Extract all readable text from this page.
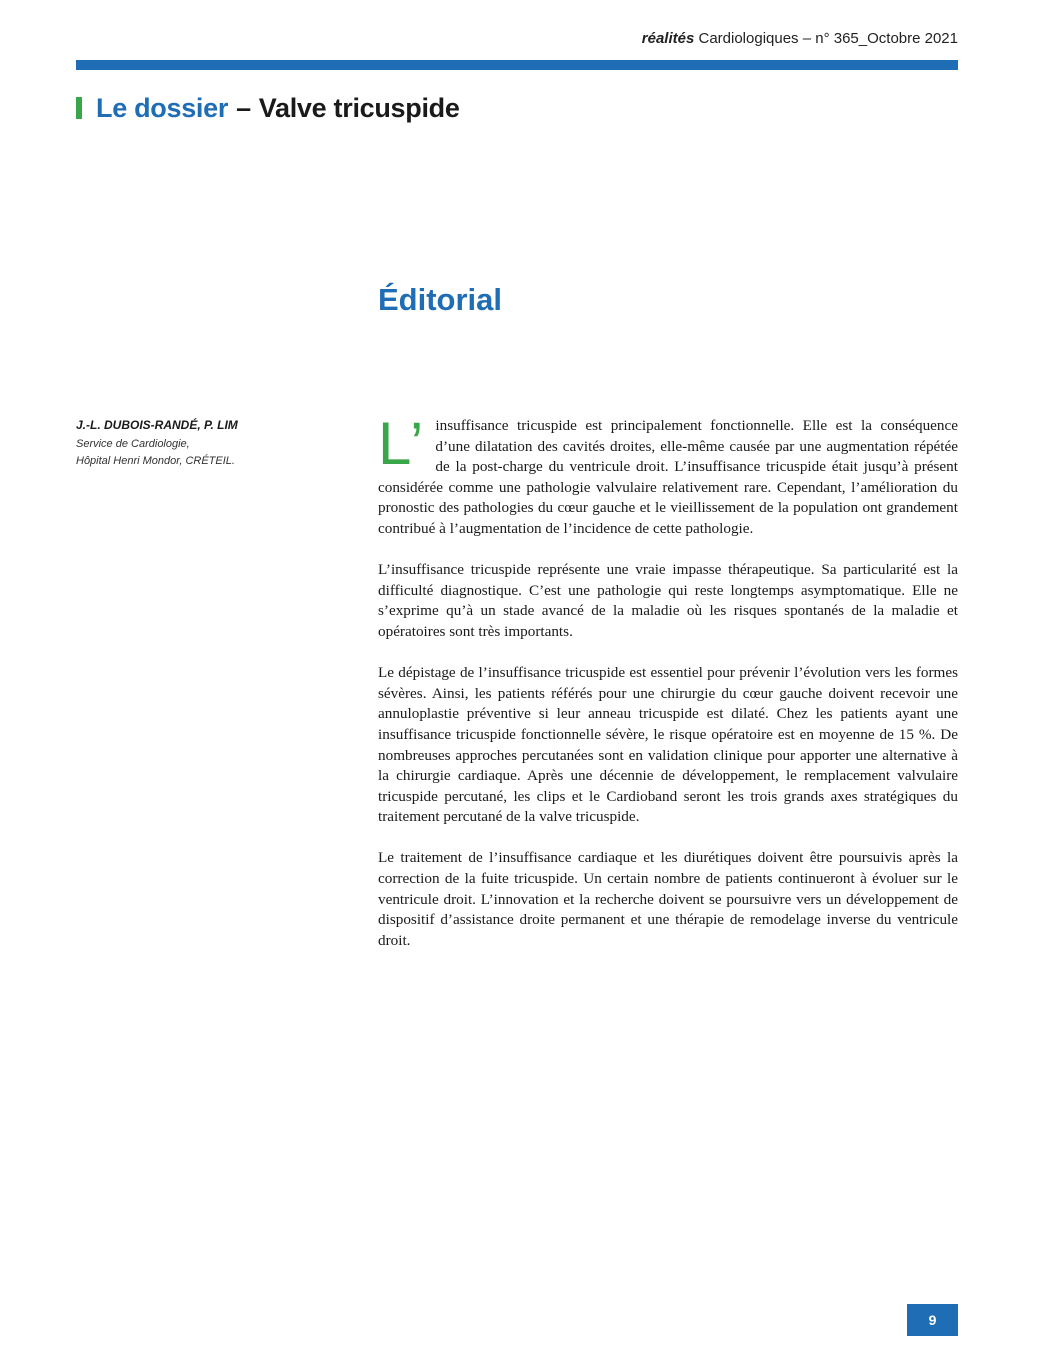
réalités Cardiologiques – n° 365_Octobre 2021
Le dossier – Valve tricuspide
Éditorial
J.-L. DUBOIS-RANDÉ, P. LIM
Service de Cardiologie,
Hôpital Henri Mondor, CRÉTEIL.	L’ insuffisance tricuspide est principalement fonctionnelle. Elle est la conséquence d’une dilatation des cavités droites, elle-même causée par une augmentation répétée de la post-charge du ventricule droit. L’insuffisance tricuspide était jusqu’à présent considérée comme une pathologie valvulaire relativement rare. Cependant, l’amélioration du pronostic des pathologies du cœur gauche et le vieillissement de la population ont grandement contribué à l’augmentation de l’incidence de cette pathologie.

L’insuffisance tricuspide représente une vraie impasse thérapeutique. Sa particularité est la difficulté diagnostique. C’est une pathologie qui reste longtemps asymptomatique. Elle ne s’exprime qu’à un stade avancé de la maladie où les risques spontanés de la maladie et opératoires sont très importants.

Le dépistage de l’insuffisance tricuspide est essentiel pour prévenir l’évolution vers les formes sévères. Ainsi, les patients référés pour une chirurgie du cœur gauche doivent recevoir une annuloplastie préventive si leur anneau tricuspide est dilaté. Chez les patients ayant une insuffisance tricuspide fonctionnelle sévère, le risque opératoire est en moyenne de 15 %. De nombreuses approches percutanées sont en validation clinique pour apporter une alternative à la chirurgie cardiaque. Après une décennie de développement, le remplacement valvulaire tricuspide percutané, les clips et le Cardioband seront les trois grands axes stratégiques du traitement percutané de la valve tricuspide.

Le traitement de l’insuffisance cardiaque et les diurétiques doivent être poursuivis après la correction de la fuite tricuspide. Un certain nombre de patients continueront à évoluer sur le ventricule droit. L’innovation et la recherche doivent se poursuivre vers un développement de dispositif d’assistance droite permanent et une thérapie de remodelage inverse du ventricule droit.

9
